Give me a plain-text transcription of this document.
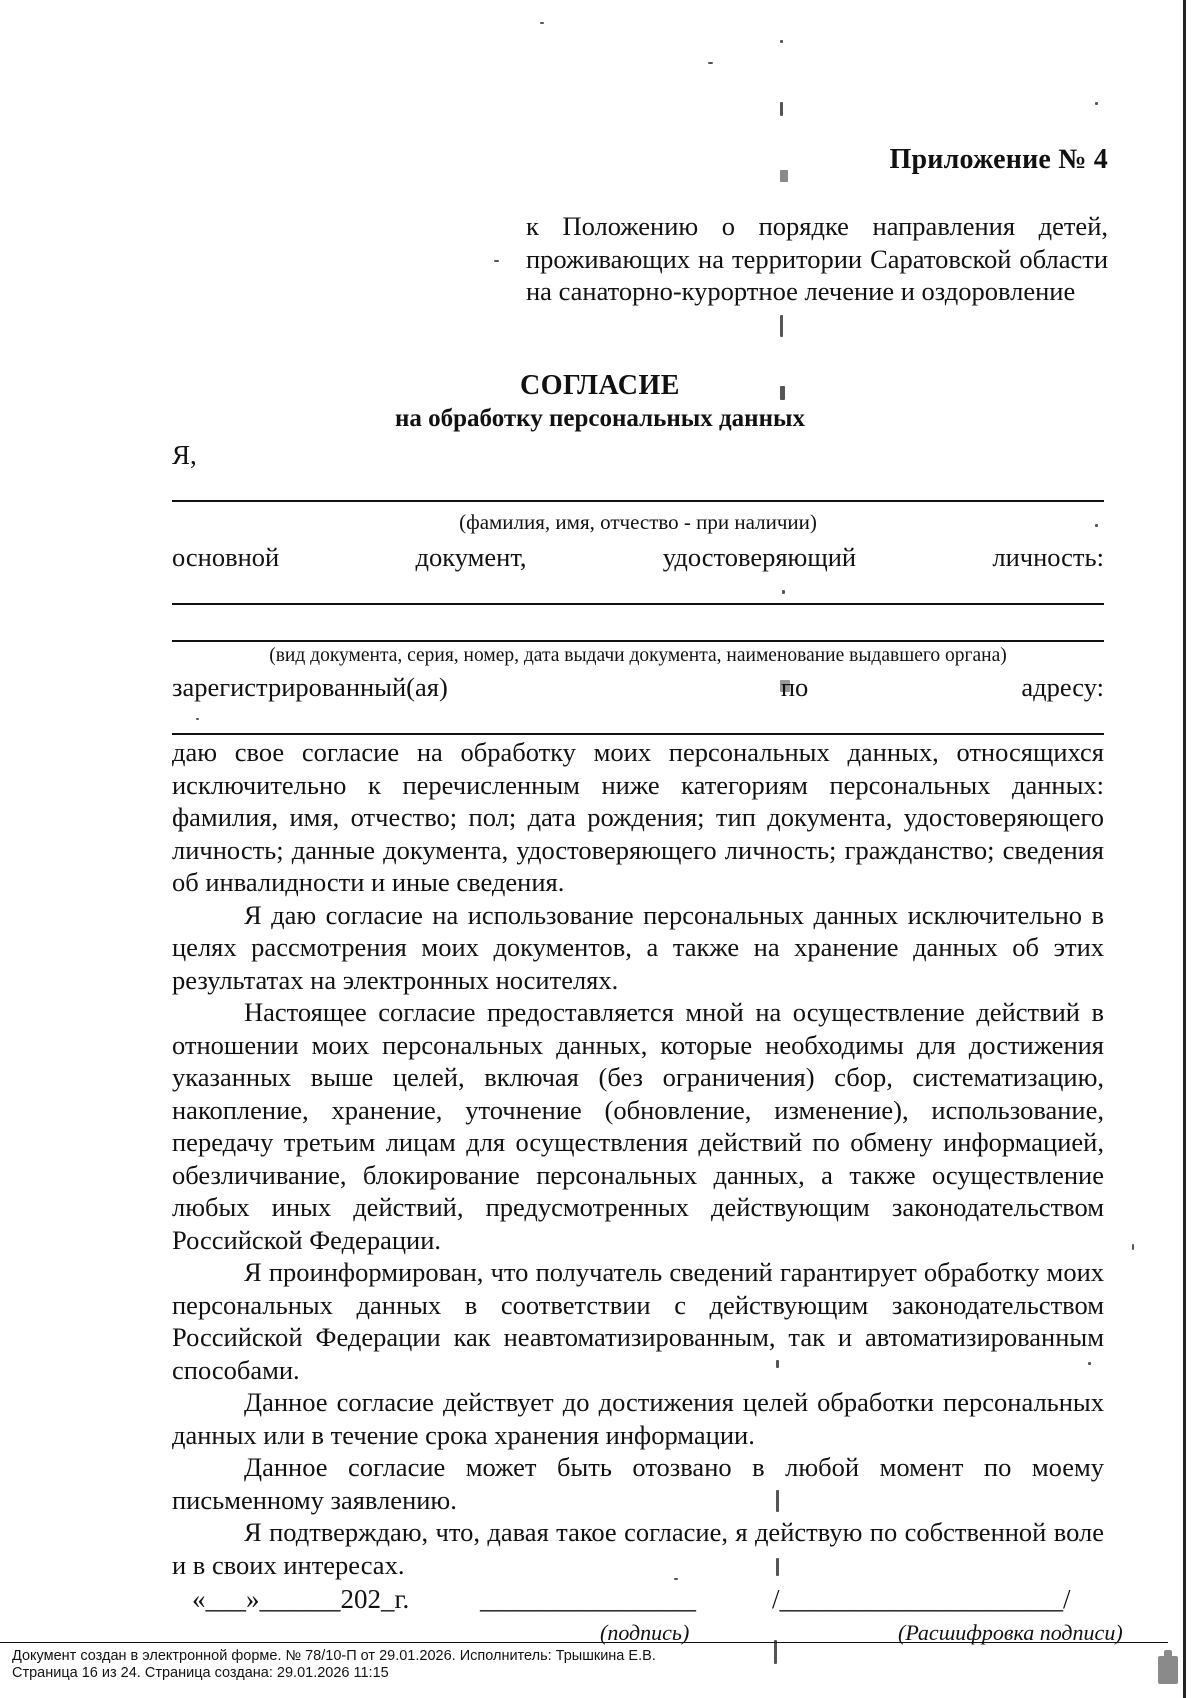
Приложение № 4
к Положению о порядке направления детей, проживающих на территории Саратовской области на санаторно-курортное лечение и оздоровление
СОГЛАСИЕ
на обработку персональных данных
Я,
(фамилия, имя, отчество - при наличии)
основной	документ,	удостоверяющий	личность:
(вид документа, серия, номер, дата выдачи документа, наименование выдавшего органа)
зарегистрированный(ая)	по	адресу:

даю свое согласие на обработку моих персональных данных, относящихся исключительно к перечисленным ниже категориям персональных данных: фамилия, имя, отчество; пол; дата рождения; тип документа, удостоверяющего личность; данные документа, удостоверяющего личность; гражданство; сведения об инвалидности и иные сведения.

Я даю согласие на использование персональных данных исключительно в целях рассмотрения моих документов, а также на хранение данных об этих результатах на электронных носителях.

Настоящее согласие предоставляется мной на осуществление действий в отношении моих персональных данных, которые необходимы для достижения указанных выше целей, включая (без ограничения) сбор, систематизацию, накопление, хранение, уточнение (обновление, изменение), использование, передачу третьим лицам для осуществления действий по обмену информацией, обезличивание, блокирование персональных данных, а также осуществление любых иных действий, предусмотренных действующим законодательством Российской Федерации.

Я проинформирован, что получатель сведений гарантирует обработку моих персональных данных в соответствии с действующим законодательством Российской Федерации как неавтоматизированным, так и автоматизированным способами.

Данное согласие действует до достижения целей обработки персональных данных или в течение срока хранения информации.

Данное согласие может быть отозвано в любой момент по моему письменному заявлению.

Я подтверждаю, что, давая такое согласие, я действую по собственной воле и в своих интересах.

«___»______202_г.	________________	/_____________________/
(подпись)	(Расшифровка подписи)
Документ создан в электронной форме. № 78/10-П от 29.01.2026. Исполнитель: Трышкина Е.В.
Страница 16 из 24. Страница создана: 29.01.2026 11:15
